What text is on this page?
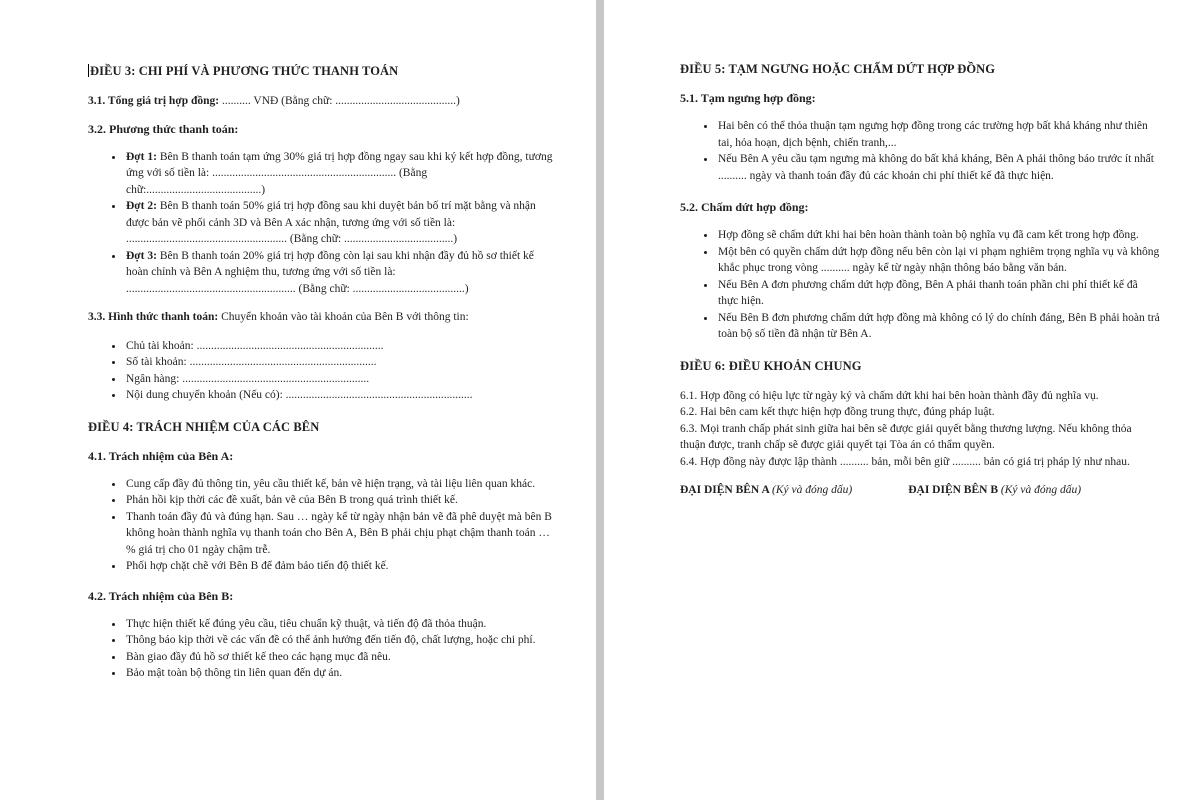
ĐIỀU 3: CHI PHÍ VÀ PHƯƠNG THỨC THANH TOÁN

3.1. Tổng giá trị hợp đồng: .......... VNĐ (Bằng chữ: ..........................................)

3.2. Phương thức thanh toán:
• Đợt 1: Bên B thanh toán tạm ứng 30% giá trị hợp đồng ngay sau khi ký kết hợp đồng, tương ứng với số tiền là: ................................................................ (Bằng chữ:........................................)
• Đợt 2: Bên B thanh toán 50% giá trị hợp đồng sau khi duyệt bản bố trí mặt bằng và nhận được bản vẽ phối cảnh 3D và Bên A xác nhận, tương ứng với số tiền là: ........................................................ (Bằng chữ: ......................................)
• Đợt 3: Bên B thanh toán 20% giá trị hợp đồng còn lại sau khi nhận đầy đủ hồ sơ thiết kế hoàn chỉnh và Bên A nghiệm thu, tương ứng với số tiền là: ........................................................... (Bằng chữ: .......................................)

3.3. Hình thức thanh toán: Chuyển khoản vào tài khoản của Bên B với thông tin:

• Chủ tài khoản: .................................................................
• Số tài khoản: .................................................................
• Ngân hàng: .................................................................
• Nội dung chuyển khoản (Nếu có): .................................................................
ĐIỀU 4: TRÁCH NHIỆM CỦA CÁC BÊN
4.1. Trách nhiệm của Bên A:
• Cung cấp đầy đủ thông tin, yêu cầu thiết kế, bản vẽ hiện trạng, và tài liệu liên quan khác.
• Phản hồi kịp thời các đề xuất, bản vẽ của Bên B trong quá trình thiết kế.
• Thanh toán đầy đủ và đúng hạn. Sau … ngày kể từ ngày nhận bản vẽ đã phê duyệt mà bên B không hoàn thành nghĩa vụ thanh toán cho Bên A, Bên B phải chịu phạt chậm thanh toán …% giá trị cho 01 ngày chậm trễ.
• Phối hợp chặt chẽ với Bên B để đảm bảo tiến độ thiết kế.
4.2. Trách nhiệm của Bên B:
• Thực hiện thiết kế đúng yêu cầu, tiêu chuẩn kỹ thuật, và tiến độ đã thỏa thuận.
• Thông báo kịp thời về các vấn đề có thể ảnh hưởng đến tiến độ, chất lượng, hoặc chi phí.
• Bàn giao đầy đủ hồ sơ thiết kế theo các hạng mục đã nêu.
• Bảo mật toàn bộ thông tin liên quan đến dự án.
ĐIỀU 5: TẠM NGƯNG HOẶC CHẤM DỨT HỢP ĐỒNG
5.1. Tạm ngưng hợp đồng:
• Hai bên có thể thỏa thuận tạm ngưng hợp đồng trong các trường hợp bất khả kháng như thiên tai, hỏa hoạn, dịch bệnh, chiến tranh,...
• Nếu Bên A yêu cầu tạm ngưng mà không do bất khả kháng, Bên A phải thông báo trước ít nhất .......... ngày và thanh toán đầy đủ các khoản chi phí thiết kế đã thực hiện.
5.2. Chấm dứt hợp đồng:
• Hợp đồng sẽ chấm dứt khi hai bên hoàn thành toàn bộ nghĩa vụ đã cam kết trong hợp đồng.
• Một bên có quyền chấm dứt hợp đồng nếu bên còn lại vi phạm nghiêm trọng nghĩa vụ và không khắc phục trong vòng .......... ngày kể từ ngày nhận thông báo bằng văn bản.
• Nếu Bên A đơn phương chấm dứt hợp đồng, Bên A phải thanh toán phần chi phí thiết kế đã thực hiện.
• Nếu Bên B đơn phương chấm dứt hợp đồng mà không có lý do chính đáng, Bên B phải hoàn trả toàn bộ số tiền đã nhận từ Bên A.
ĐIỀU 6: ĐIỀU KHOẢN CHUNG

6.1. Hợp đồng có hiệu lực từ ngày ký và chấm dứt khi hai bên hoàn thành đầy đủ nghĩa vụ.

6.2. Hai bên cam kết thực hiện hợp đồng trung thực, đúng pháp luật.

6.3. Mọi tranh chấp phát sinh giữa hai bên sẽ được giải quyết bằng thương lượng. Nếu không thỏa thuận được, tranh chấp sẽ được giải quyết tại Tòa án có thẩm quyền.

6.4. Hợp đồng này được lập thành .......... bản, mỗi bên giữ .......... bản có giá trị pháp lý như nhau.

ĐẠI DIỆN BÊN A (Ký và đóng dấu)	ĐẠI DIỆN BÊN B (Ký và đóng dấu)
